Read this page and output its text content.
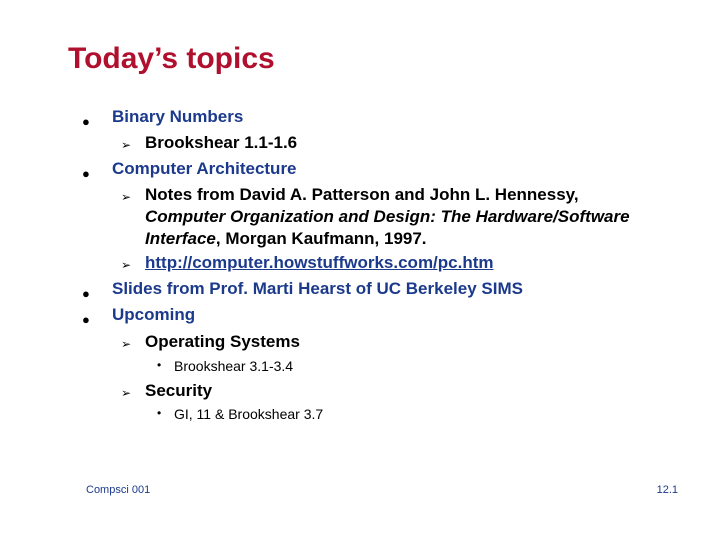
Today’s topics
● Binary Numbers
➢ Brookshear 1.1-1.6
● Computer Architecture
➢ Notes from David A. Patterson and John L. Hennessy,
Computer Organization and Design: The Hardware/Software
Interface, Morgan Kaufmann, 1997.
➢ http://computer.howstuffworks.com/pc.htm
● Slides from Prof. Marti Hearst of UC Berkeley SIMS
● Upcoming
➢ Operating Systems
• Brookshear 3.1-3.4
➢ Security
• GI, 11 & Brookshear 3.7
Compsci 001	12.1
